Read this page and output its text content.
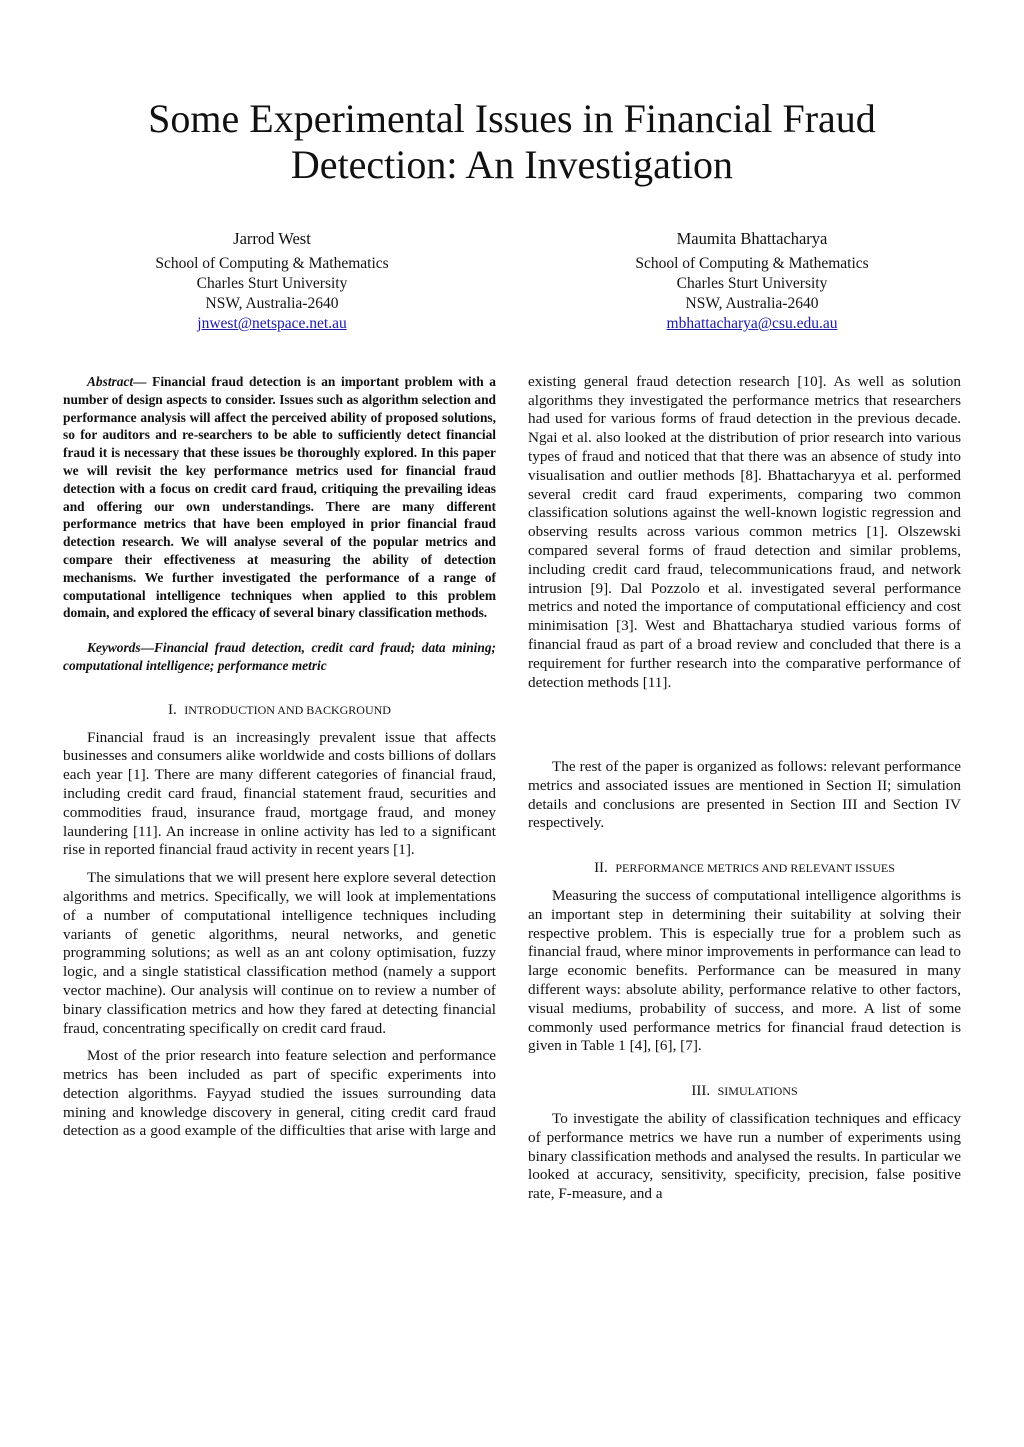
Some Experimental Issues in Financial Fraud
Detection: An Investigation
Jarrod West
School of Computing & Mathematics
Charles Sturt University
NSW, Australia-2640
jnwest@netspace.net.au
Maumita Bhattacharya
School of Computing & Mathematics
Charles Sturt University
NSW, Australia-2640
mbhattacharya@csu.edu.au

Abstract— Financial fraud detection is an important problem with a number of design aspects to consider. Issues such as algorithm selection and performance analysis will affect the perceived ability of proposed solutions, so for auditors and re-searchers to be able to sufficiently detect financial fraud it is necessary that these issues be thoroughly explored. In this paper we will revisit the key performance metrics used for financial fraud detection with a focus on credit card fraud, critiquing the prevailing ideas and offering our own understandings. There are many different performance metrics that have been employed in prior financial fraud detection research. We will analyse several of the popular metrics and compare their effectiveness at measuring the ability of detection mechanisms. We further investigated the performance of a range of computational intelligence techniques when applied to this problem domain, and explored the efficacy of several binary classification methods.

Keywords—Financial fraud detection, credit card fraud; data mining; computational intelligence; performance metric

I. INTRODUCTION AND BACKGROUND

Financial fraud is an increasingly prevalent issue that affects businesses and consumers alike worldwide and costs billions of dollars each year [1]. There are many different categories of financial fraud, including credit card fraud, financial statement fraud, securities and commodities fraud, insurance fraud, mortgage fraud, and money laundering [11]. An increase in online activity has led to a significant rise in reported financial fraud activity in recent years [1].

The simulations that we will present here explore several detection algorithms and metrics. Specifically, we will look at implementations of a number of computational intelligence techniques including variants of genetic algorithms, neural networks, and genetic programming solutions; as well as an ant colony optimisation, fuzzy logic, and a single statistical classification method (namely a support vector machine). Our analysis will continue on to review a number of binary classification metrics and how they fared at detecting financial fraud, concentrating specifically on credit card fraud.

Most of the prior research into feature selection and performance metrics has been included as part of specific experiments into detection algorithms. Fayyad studied the issues surrounding data mining and knowledge discovery in general, citing credit card fraud detection as a good example of the difficulties that arise with large and

existing general fraud detection research [10]. As well as solution algorithms they investigated the performance metrics that researchers had used for various forms of fraud detection in the previous decade. Ngai et al. also looked at the distribution of prior research into various types of fraud and noticed that that there was an absence of study into visualisation and outlier methods [8]. Bhattacharyya et al. performed several credit card fraud experiments, comparing two common classification solutions against the well-known logistic regression and observing results across various common metrics [1]. Olszewski compared several forms of fraud detection and similar problems, including credit card fraud, telecommunications fraud, and network intrusion [9]. Dal Pozzolo et al. investigated several performance metrics and noted the importance of computational efficiency and cost minimisation [3]. West and Bhattacharya studied various forms of financial fraud as part of a broad review and concluded that there is a requirement for further research into the comparative performance of detection methods [11].

The rest of the paper is organized as follows: relevant performance metrics and associated issues are mentioned in Section II; simulation details and conclusions are presented in Section III and Section IV respectively.

II. PERFORMANCE METRICS AND RELEVANT ISSUES

Measuring the success of computational intelligence algorithms is an important step in determining their suitability at solving their respective problem. This is especially true for a problem such as financial fraud, where minor improvements in performance can lead to large economic benefits. Performance can be measured in many different ways: absolute ability, performance relative to other factors, visual mediums, probability of success, and more. A list of some commonly used performance metrics for financial fraud detection is given in Table 1 [4], [6], [7].

III. SIMULATIONS

To investigate the ability of classification techniques and efficacy of performance metrics we have run a number of experiments using binary classification methods and analysed the results. In particular we looked at accuracy, sensitivity, specificity, precision, false positive rate, F-measure, and a
